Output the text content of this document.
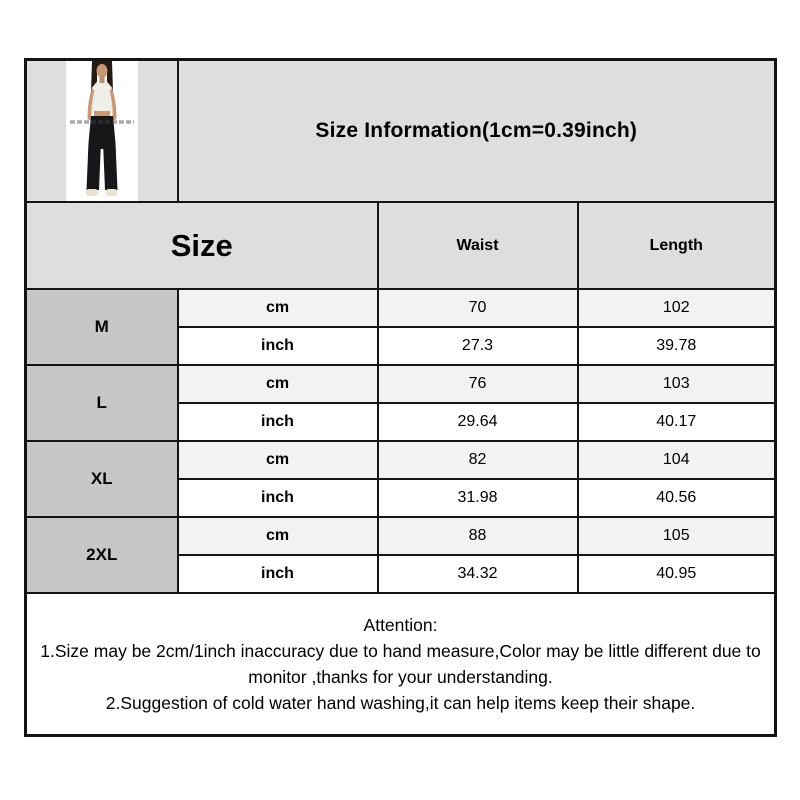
	Size Information(1cm=0.39inch)		
Size		Waist	Length
M	cm	70	102
	inch	27.3	39.78
L	cm	76	103
	inch	29.64	40.17
XL	cm	82	104
	inch	31.98	40.56
2XL	cm	88	105
	inch	34.32	40.95

Attention:
1.Size may be 2cm/1inch inaccuracy due to hand measure,Color may be little different due to monitor ,thanks for your understanding.
2.Suggestion of cold water hand washing,it can help items keep their shape.			
